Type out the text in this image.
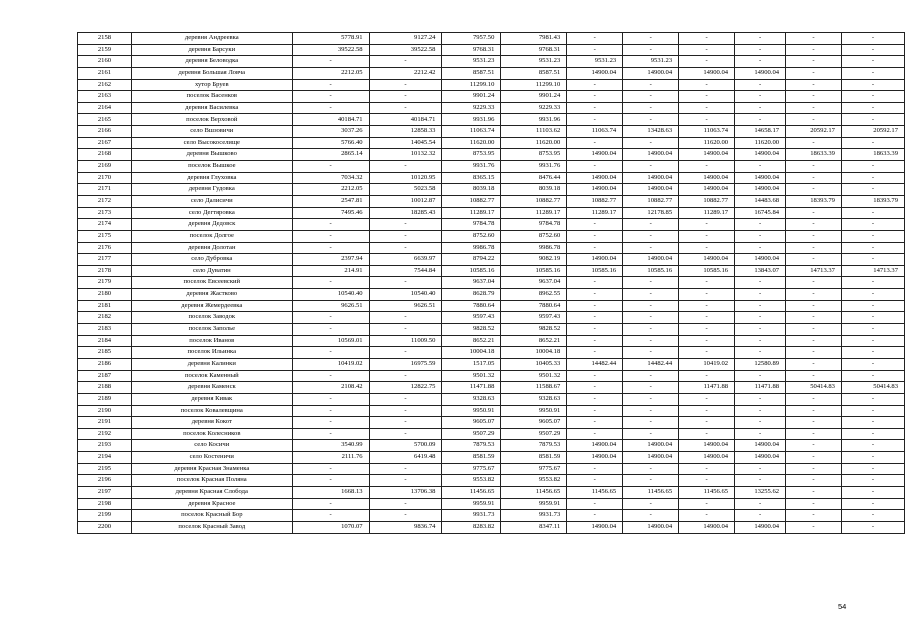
2158	деревня Андреевка	5778.91	9127.24	7957.50	7981.43	-	-	-	-	-	-
2159	деревня Барсуки	39522.58	39522.58	9768.31	9768.31	-	-	-	-	-	-
2160	деревня Беловодка	-	-	9531.23	9531.23	9531.23	9531.23	-	-	-	-
2161	деревня Большая Ловча	2212.05	2212.42	8587.51	8587.51	14900.04	14900.04	14900.04	14900.04	-	-
2162	хутор Бруев	-	-	11299.10	11299.10	-	-	-	-	-	-
2163	поселок Васенков	-	-	9901.24	9901.24	-	-	-	-	-	-
2164	деревня Василевка	-	-	9229.33	9229.33	-	-	-	-	-	-
2165	поселок Верховой	40184.71	40184.71	9931.96	9931.96	-	-	-	-	-	-
2166	село Вшзовичи	3037.26	12858.33	11063.74	11103.62	11063.74	13428.63	11063.74	14658.17	20592.17	20592.17
2167	село Высокоселище	5766.40	14045.54	11620.00	11620.00	-	-	11620.00	11620.00	-	-
2168	деревня Вышково	2865.14	10132.32	8753.95	8753.95	14900.04	14900.04	14900.04	14900.04	18633.39	18633.39
2169	поселок Вышкое	-	-	9931.76	9931.76	-	-	-	-	-	-
2170	деревня Глуховка	7034.32	10120.95	8365.15	8476.44	14900.04	14900.04	14900.04	14900.04	-	-
2171	деревня Гудовка	2212.05	5023.58	8039.18	8039.18	14900.04	14900.04	14900.04	14900.04	-	-
2172	село Далисичи	2547.81	10012.87	10882.77	10882.77	10882.77	10882.77	10882.77	14483.68	18393.79	18393.79
2173	село Дегтяровка	7495.46	18285.43	11289.17	11289.17	11289.17	12178.85	11289.17	16745.84	-	-
2174	деревня Дедовск	-	-	9784.78	9784.78	-	-	-	-	-	-
2175	поселок Долгое	-	-	8752.60	8752.60	-	-	-	-	-	-
2176	деревня Долотан	-	-	9986.78	9986.78	-	-	-	-	-	-
2177	село Дубровка	2397.94	6639.97	8794.22	9082.19	14900.04	14900.04	14900.04	14900.04	-	-
2178	село Дуватин	214.91	7544.84	10585.16	10585.16	10585.16	10585.16	10585.16	13843.07	14713.37	14713.37
2179	поселок Евсеевский	-	-	9637.04	9637.04	-	-	-	-	-	-
2180	деревня Жастково	10540.40	10540.40	8628.79	8962.55	-	-	-	-	-	-
2181	деревня Жемердеевка	9626.51	9626.51	7880.64	7880.64	-	-	-	-	-	-
2182	поселок Заводок	-	-	9597.43	9597.43	-	-	-	-	-	-
2183	поселок Заполье	-	-	9828.52	9828.52	-	-	-	-	-	-
2184	поселок Иванов	10569.01	11009.50	8652.21	8652.21	-	-	-	-	-	-
2185	поселок Ильинка	-	-	10004.18	10004.18	-	-	-	-	-	-
2186	деревня Калинки	10419.02	16975.59	1517.05	10405.33	14482.44	14482.44	10419.02	12580.89	-	-
2187	поселок Каменный	-	-	9501.32	9501.32	-	-	-	-	-	-
2188	деревня Каменск	2108.42	12822.75	11471.88	11588.67	-	-	11471.88	11471.88	50414.83	50414.83
2189	деревня Кивак	-	-	9328.63	9328.63	-	-	-	-	-	-
2190	поселок Ковалевщина	-	-	9950.91	9950.91	-	-	-	-	-	-
2191	деревня Кокот	-	-	9605.07	9605.07	-	-	-	-	-	-
2192	поселок Колесников	-	-	9507.29	9507.29	-	-	-	-	-	-
2193	село Косичи	3540.99	5700.09	7879.53	7879.53	14900.04	14900.04	14900.04	14900.04	-	-
2194	село Костеничи	2111.76	6419.48	8581.59	8581.59	14900.04	14900.04	14900.04	14900.04	-	-
2195	деревня Красная Знаменка	-	-	9775.67	9775.67	-	-	-	-	-	-
2196	поселок Красная Поляна	-	-	9553.82	9553.82	-	-	-	-	-	-
2197	деревня Красная Слобода	1668.13	13706.38	11456.65	11456.65	11456.65	11456.65	11456.65	13255.62	-	-
2198	деревня Красное	-	-	9959.91	9959.91	-	-	-	-	-	-
2199	поселок Красный Бор	-	-	9931.73	9931.73	-	-	-	-	-	-
2200	поселок Красный Завод	1070.07	9836.74	8283.82	8347.11	14900.04	14900.04	14900.04	14900.04	-	-
54
